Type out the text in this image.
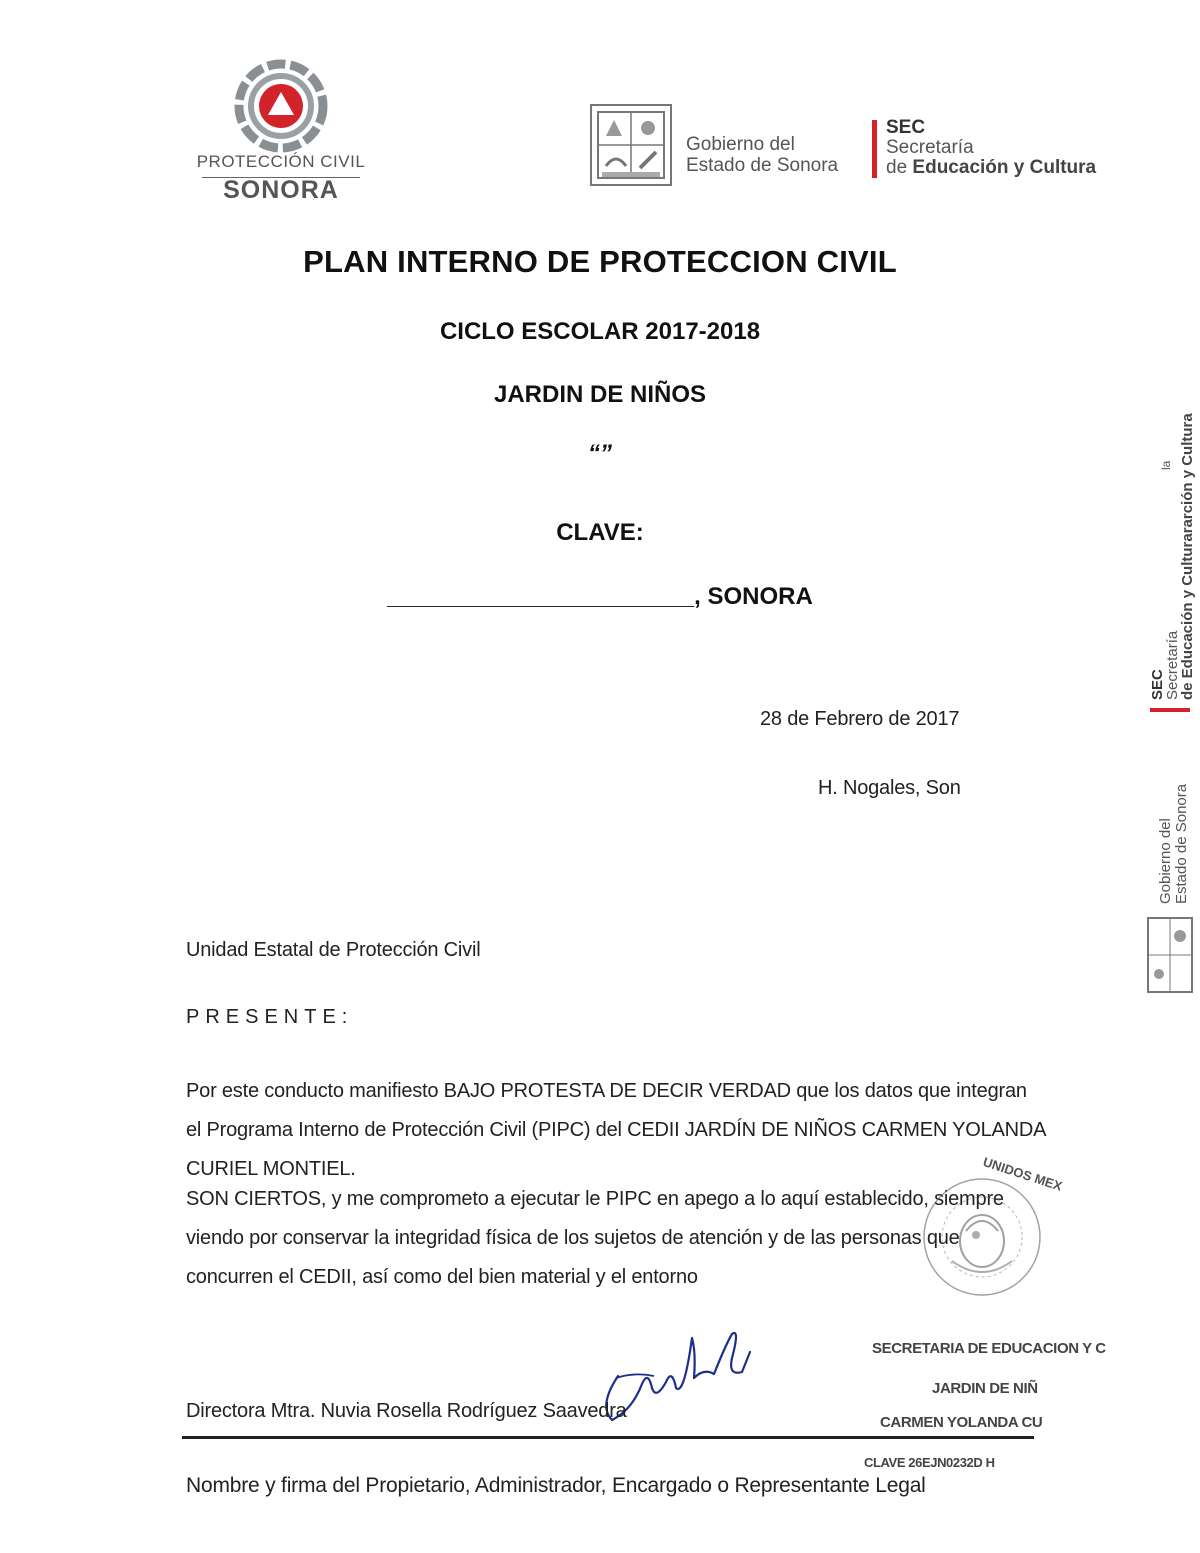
PROTECCIÓN CIVIL
SONORA
Gobierno del
Estado de Sonora
SEC
Secretaría
de Educación y Cultura
Gobierno del Estado de Sonora
SEC
Secretaría
de Educación y Culturararción y Cultura
la
PLAN INTERNO DE PROTECCION CIVIL
CICLO ESCOLAR 2017-2018
JARDIN DE NIÑOS
“”
CLAVE:
_______________________, SONORA
28 de Febrero de 2017
H. Nogales, Son
Unidad Estatal de Protección Civil
PRESENTE:
Por este conducto manifiesto BAJO PROTESTA DE DECIR VERDAD que los datos que integran el Programa Interno de Protección Civil (PIPC) del CEDII JARDÍN DE NIÑOS CARMEN YOLANDA CURIEL MONTIEL.
SON CIERTOS, y me comprometo a ejecutar le PIPC en apego a lo aquí establecido, siempre viendo por conservar la integridad física de los sujetos de atención y de las personas que concurren el CEDII, así como del bien material y el entorno
UNIDOS MEX
SECRETARIA DE EDUCACION Y C
JARDIN DE NIÑ
CARMEN YOLANDA CU
CLAVE 26EJN0232D H
Directora Mtra. Nuvia Rosella Rodríguez Saavedra
Nombre y firma del Propietario, Administrador, Encargado o Representante Legal
